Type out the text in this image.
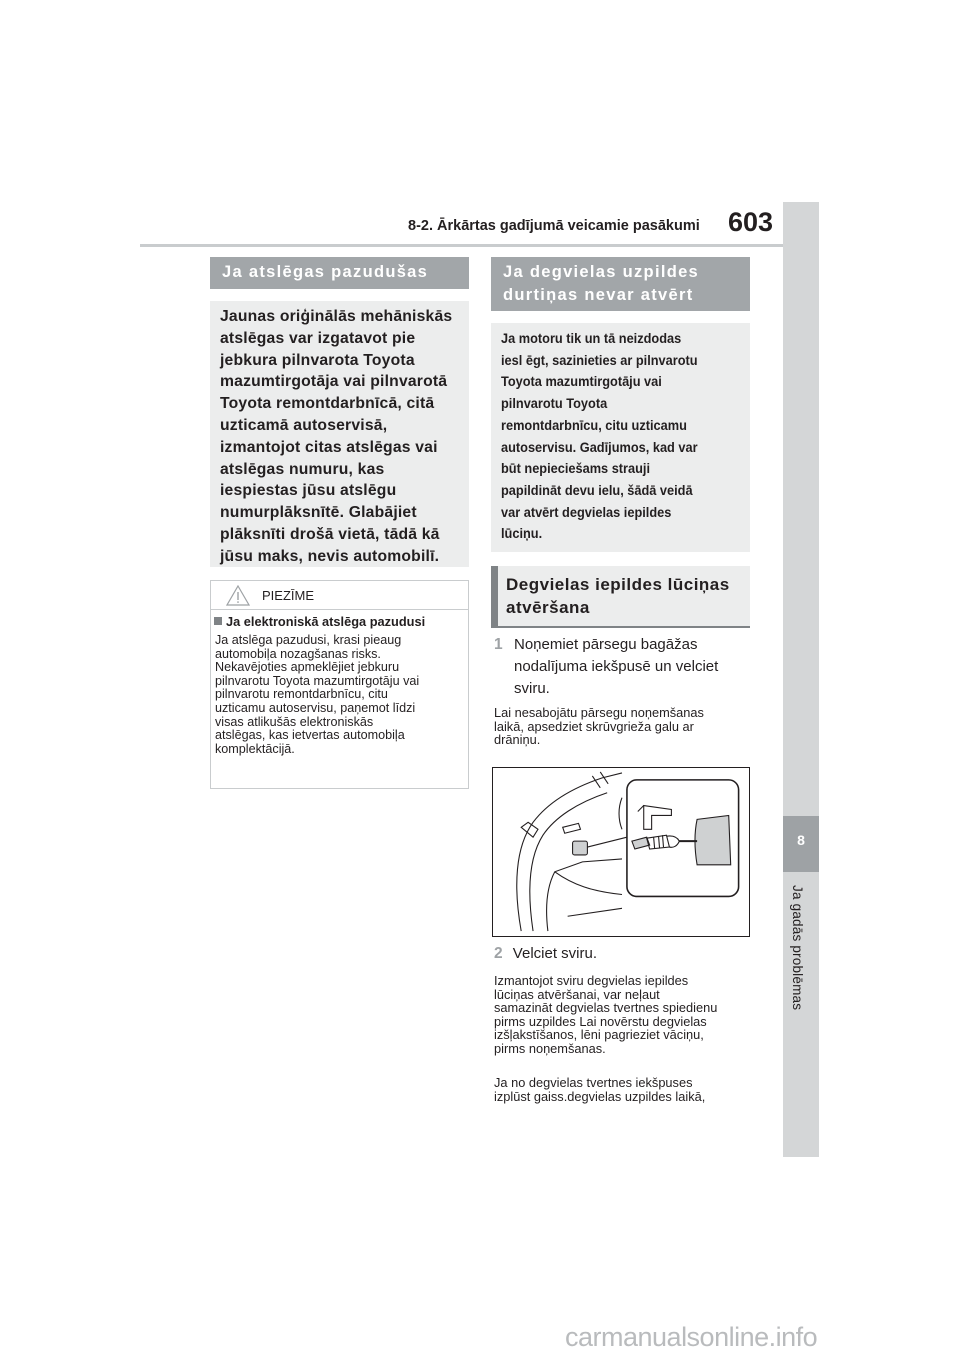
8-2. Ārkārtas gadījumā veicamie pasākumi 603
8
Ja gadās problēmas
Ja atslēgas pazudušas
Jaunas oriģinālās mehāniskās
atslēgas var izgatavot pie
jebkura pilnvarota Toyota
mazumtirgotāja vai pilnvarotā
Toyota remontdarbnīcā, citā
uzticamā autoservisā,
izmantojot citas atslēgas vai
atslēgas numuru, kas
iespiestas jūsu atslēgu
numurplāksnītē. Glabājiet
plāksnīti drošā vietā, tādā kā
jūsu maks, nevis automobilī.
PIEZĪME
Ja elektroniskā atslēga pazudusi
Ja atslēga pazudusi, krasi pieaug
automobiļa nozagšanas risks.
Nekavējoties apmeklējiet jebkuru
pilnvarotu Toyota mazumtirgotāju vai
pilnvarotu remontdarbnīcu, citu
uzticamu autoservisu, paņemot līdzi
visas atlikušās elektroniskās
atslēgas, kas ietvertas automobiļa
komplektācijā.
Ja degvielas uzpildes
durtiņas nevar atvērt
Ja motoru tik un tā neizdodas
iesl ēgt, sazinieties ar pilnvarotu
Toyota mazumtirgotāju vai
pilnvarotu Toyota
remontdarbnīcu, citu uzticamu
autoservisu. Gadījumos, kad var
būt nepieciešams strauji
papildināt devu ielu, šādā veidā
var atvērt degvielas iepildes
lūciņu.
Degvielas iepildes lūciņas
atvēršana
1 Noņemiet pārsegu bagāžas
nodalījuma iekšpusē un velciet
sviru.
Lai nesabojātu pārsegu noņemšanas
laikā, apsedziet skrūvgrieža galu ar
drāniņu.
2 Velciet sviru.
Izmantojot sviru degvielas iepildes
lūciņas atvēršanai, var neļaut
samazināt degvielas tvertnes spiedienu
pirms uzpildes Lai novērstu degvielas
izšļakstīšanos, lēni pagrieziet vāciņu,
pirms noņemšanas.
Ja no degvielas tvertnes iekšpuses
izplūst gaiss.degvielas uzpildes laikā,
carmanualsonline.info
